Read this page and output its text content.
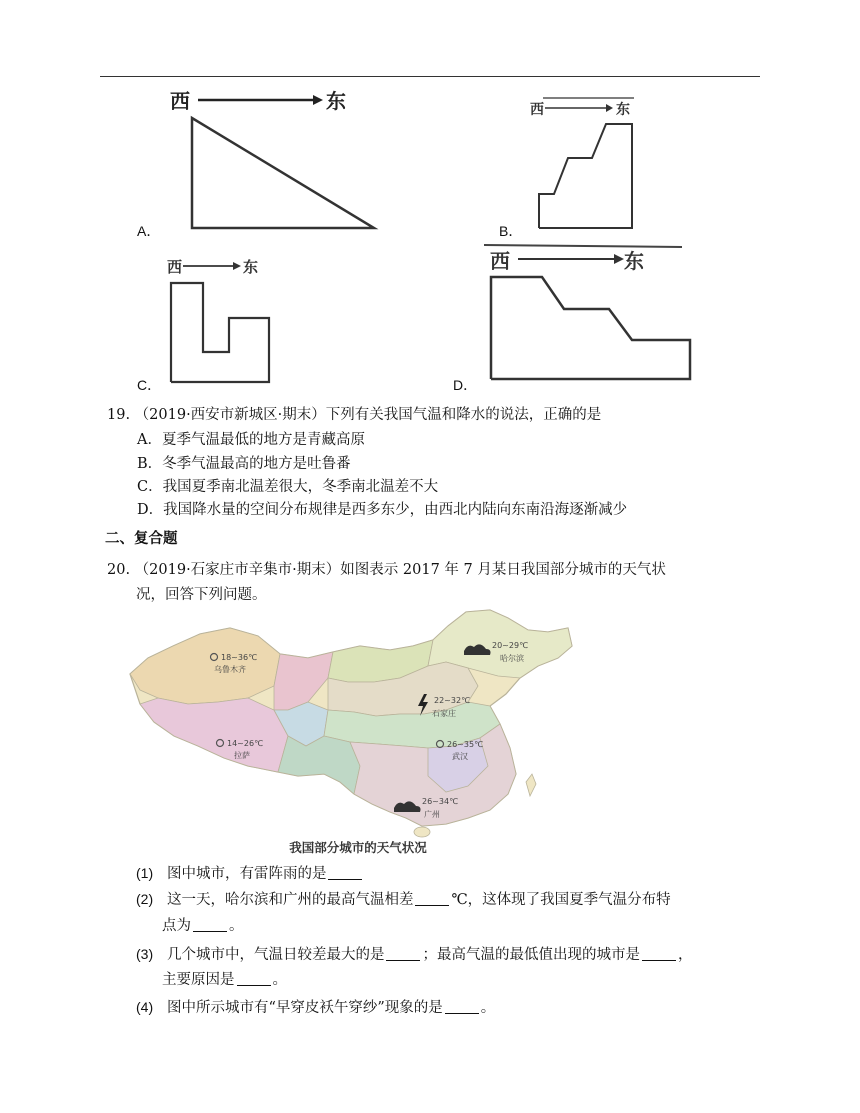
A．
西	东
B．
西	东
C．
西	东
D．
西	东
19. （2019·西安市新城区·期末）下列有关我国气温和降水的说法，正确的是
A．夏季气温最低的地方是青藏高原
B．冬季气温最高的地方是吐鲁番
C．我国夏季南北温差很大，冬季南北温差不大
D．我国降水量的空间分布规律是西多东少，由西北内陆向东南沿海逐渐减少
二、复合题
20. （2019·石家庄市辛集市·期末）如图表示 2017 年 7 月某日我国部分城市的天气状
况，回答下列问题。
18~36℃
乌鲁木齐
20~29℃
哈尔滨
22~32℃
石家庄
14~26℃
拉萨
26~35℃
武汉
26~34℃
广州
我国部分城市的天气状况
(1) 图中城市，有雷阵雨的是
(2) 这一天，哈尔滨和广州的最高气温相差	℃，这体现了我国夏季气温分布特
点为	。
(3) 几个城市中，气温日较差最大的是	；最高气温的最低值出现的城市是	，
主要原因是	。
(4) 图中所示城市有“早穿皮袄午穿纱”现象的是	。
